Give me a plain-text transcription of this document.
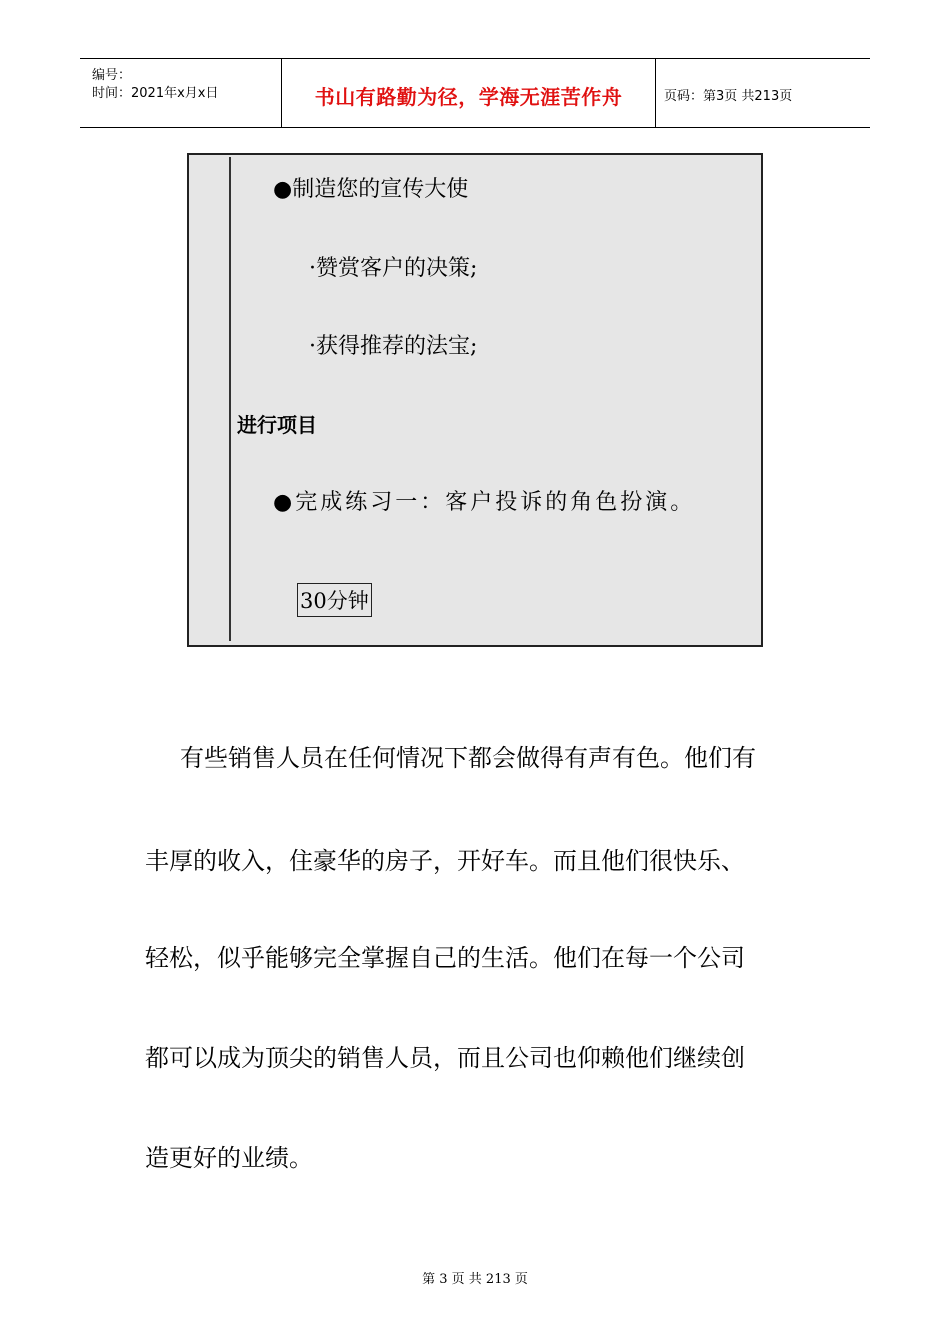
编号：
时间：2021年x月x日	书山有路勤为径，学海无涯苦作舟	页码：第3页 共213页
●制造您的宣传大使
·赞赏客户的决策;
·获得推荐的法宝;
进行项目
●完成练习一：客户投诉的角色扮演。
30分钟
有些销售人员在任何情况下都会做得有声有色。他们有
丰厚的收入，住豪华的房子，开好车。而且他们很快乐、
轻松，似乎能够完全掌握自己的生活。他们在每一个公司
都可以成为顶尖的销售人员，而且公司也仰赖他们继续创
造更好的业绩。
第 3 页 共 213 页
